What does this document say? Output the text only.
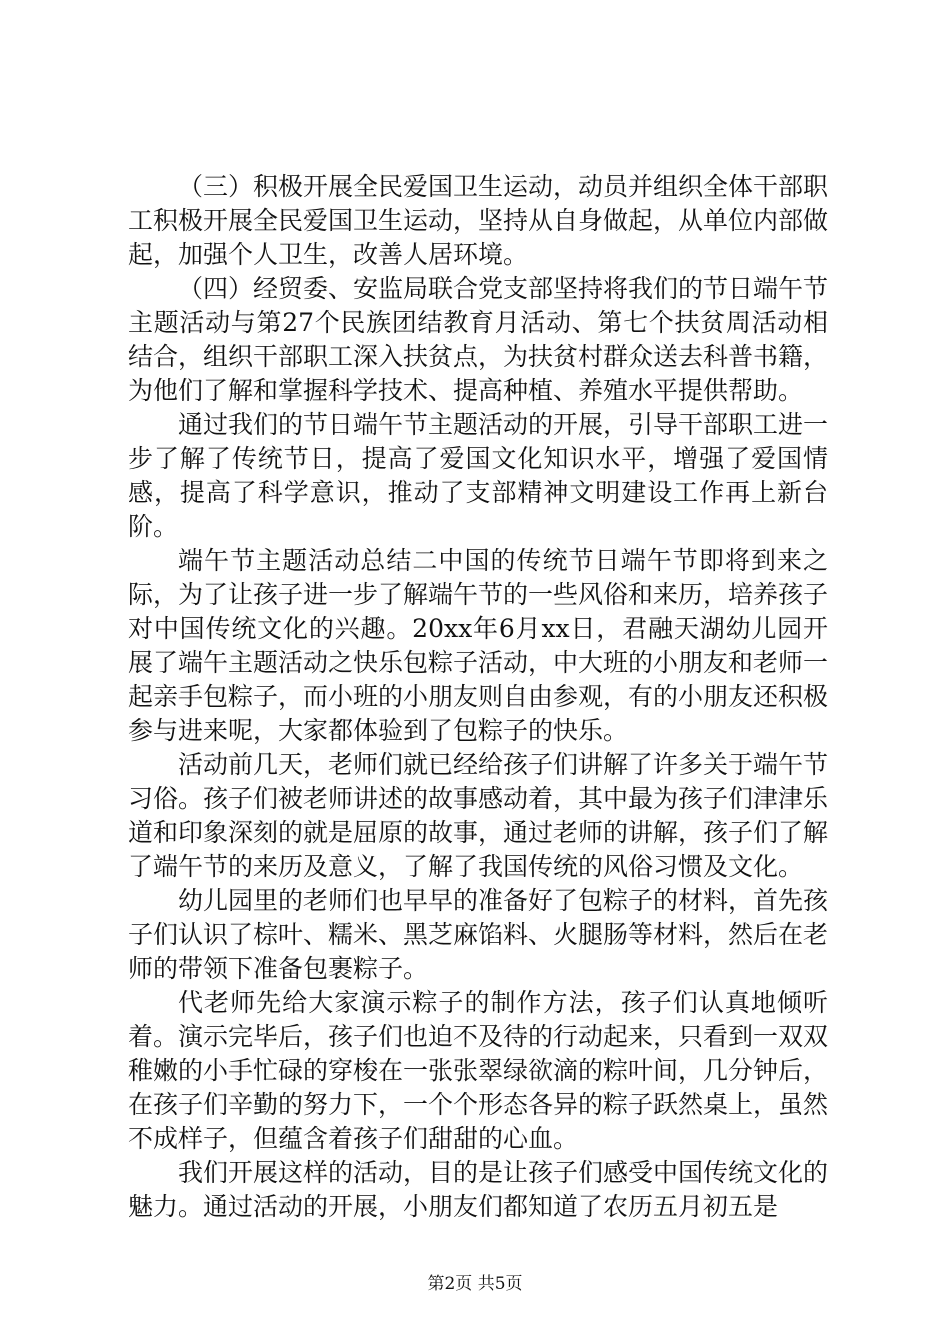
（三）积极开展全民爱国卫生运动，动员并组织全体干部职工积极开展全民爱国卫生运动，坚持从自身做起，从单位内部做起，加强个人卫生，改善人居环境。

（四）经贸委、安监局联合党支部坚持将我们的节日端午节主题活动与第27个民族团结教育月活动、第七个扶贫周活动相结合，组织干部职工深入扶贫点，为扶贫村群众送去科普书籍，为他们了解和掌握科学技术、提高种植、养殖水平提供帮助。

通过我们的节日端午节主题活动的开展，引导干部职工进一步了解了传统节日，提高了爱国文化知识水平，增强了爱国情感，提高了科学意识，推动了支部精神文明建设工作再上新台阶。

端午节主题活动总结二中国的传统节日端午节即将到来之际，为了让孩子进一步了解端午节的一些风俗和来历，培养孩子对中国传统文化的兴趣。20xx年6月xx日，君融天湖幼儿园开展了端午主题活动之快乐包粽子活动，中大班的小朋友和老师一起亲手包粽子，而小班的小朋友则自由参观，有的小朋友还积极参与进来呢，大家都体验到了包粽子的快乐。

活动前几天，老师们就已经给孩子们讲解了许多关于端午节习俗。孩子们被老师讲述的故事感动着，其中最为孩子们津津乐道和印象深刻的就是屈原的故事，通过老师的讲解，孩子们了解了端午节的来历及意义，了解了我国传统的风俗习惯及文化。

幼儿园里的老师们也早早的准备好了包粽子的材料，首先孩子们认识了棕叶、糯米、黑芝麻馅料、火腿肠等材料，然后在老师的带领下准备包裹粽子。

代老师先给大家演示粽子的制作方法，孩子们认真地倾听着。演示完毕后，孩子们也迫不及待的行动起来，只看到一双双稚嫩的小手忙碌的穿梭在一张张翠绿欲滴的粽叶间，几分钟后，在孩子们辛勤的努力下，一个个形态各异的粽子跃然桌上，虽然不成样子，但蕴含着孩子们甜甜的心血。

我们开展这样的活动，目的是让孩子们感受中国传统文化的魅力。通过活动的开展，小朋友们都知道了农历五月初五是

第2页 共5页
